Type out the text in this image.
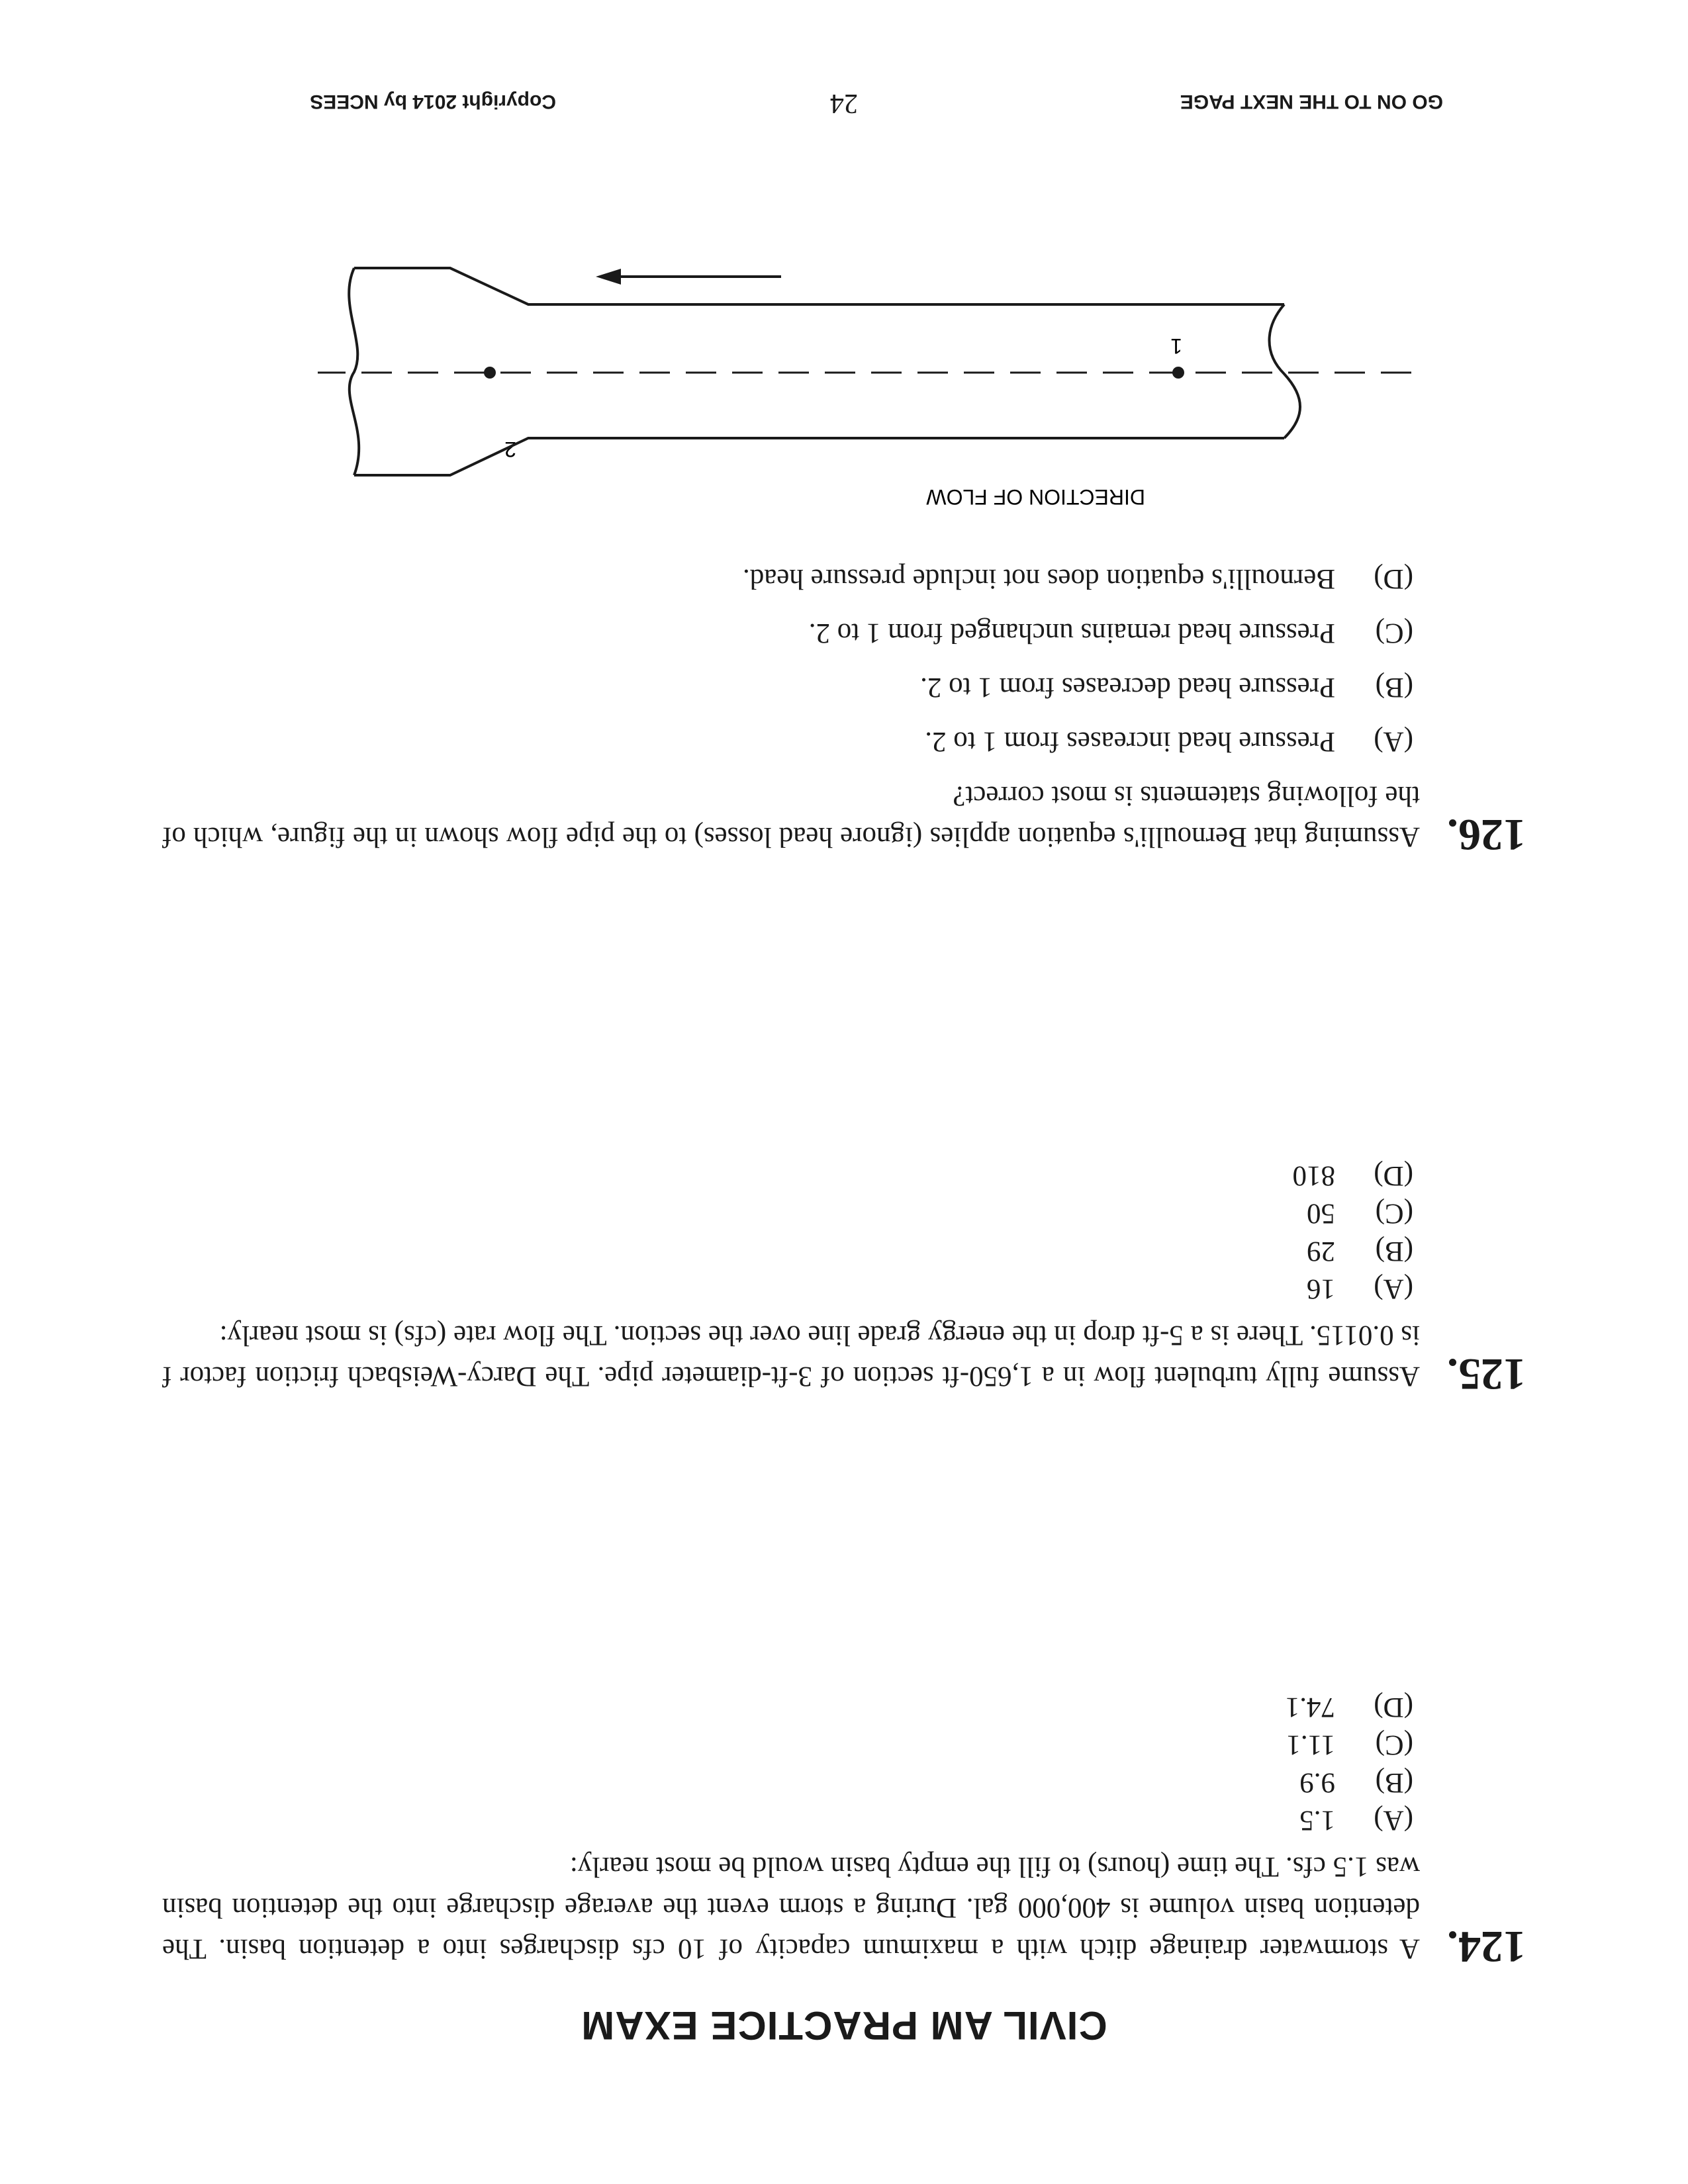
CIVIL AM PRACTICE EXAM
124.

A stormwater drainage ditch with a maximum capacity of 10 cfs discharges into a detention basin. The detention basin volume is 400,000 gal. During a storm event the average discharge into the detention basin was 1.5 cfs. The time (hours) to fill the empty basin would be most nearly:

(A)
1.5
(B)
9.9
(C)
11.1
(D)
74.1
125.

Assume fully turbulent flow in a 1,650-ft section of 3-ft-diameter pipe. The Darcy-Weisbach friction factor f is 0.0115. There is a 5-ft drop in the energy grade line over the section. The flow rate (cfs) is most nearly:

(A)
16
(B)
29
(C)
50
(D)
810
126.

Assuming that Bernoulli's equation applies (ignore head losses) to the pipe flow shown in the figure, which of the following statements is most correct?

(A)
Pressure head increases from 1 to 2.
(B)
Pressure head decreases from 1 to 2.
(C)
Pressure head remains unchanged from 1 to 2.
(D)
Bernoulli's equation does not include pressure head.
DIRECTION OF FLOW
2
1
GO ON TO THE NEXT PAGE
24
Copyright 2014 by NCEES
